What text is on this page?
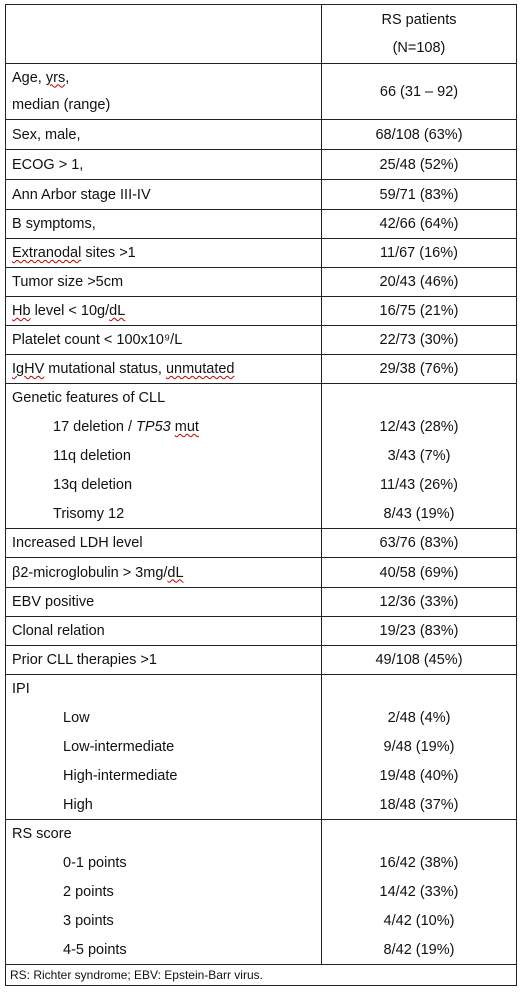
	RS patients
(N=108)

Age, yrs,
median (range)	66 (31 – 92)
Sex, male,	68/108 (63%)
ECOG > 1,	25/48 (52%)
Ann Arbor stage III-IV	59/71 (83%)
B symptoms,	42/66 (64%)
Extranodal sites >1	11/67 (16%)
Tumor size >5cm	20/43 (46%)
Hb level < 10g/dL	16/75 (21%)
Platelet count < 100x10⁹/L	22/73 (30%)
IgHV mutational status, unmutated	29/38 (76%)
Genetic features of CLL	

17 deletion / TP53 mut	12/43 (28%)

11q deletion	3/43 (7%)

13q deletion	11/43 (26%)

Trisomy 12	8/43 (19%)
Increased LDH level	63/76 (83%)
β2-microglobulin > 3mg/dL	40/58 (69%)
EBV positive	12/36 (33%)
Clonal relation	19/23 (83%)
Prior CLL therapies >1	49/108 (45%)
IPI	

Low	2/48 (4%)

Low-intermediate	9/48 (19%)

High-intermediate	19/48 (40%)

High	18/48 (37%)
RS score	

0-1 points	16/42 (38%)

2 points	14/42 (33%)

3 points	4/42 (10%)

4-5 points	8/42 (19%)
RS: Richter syndrome; EBV: Epstein-Barr virus.	
